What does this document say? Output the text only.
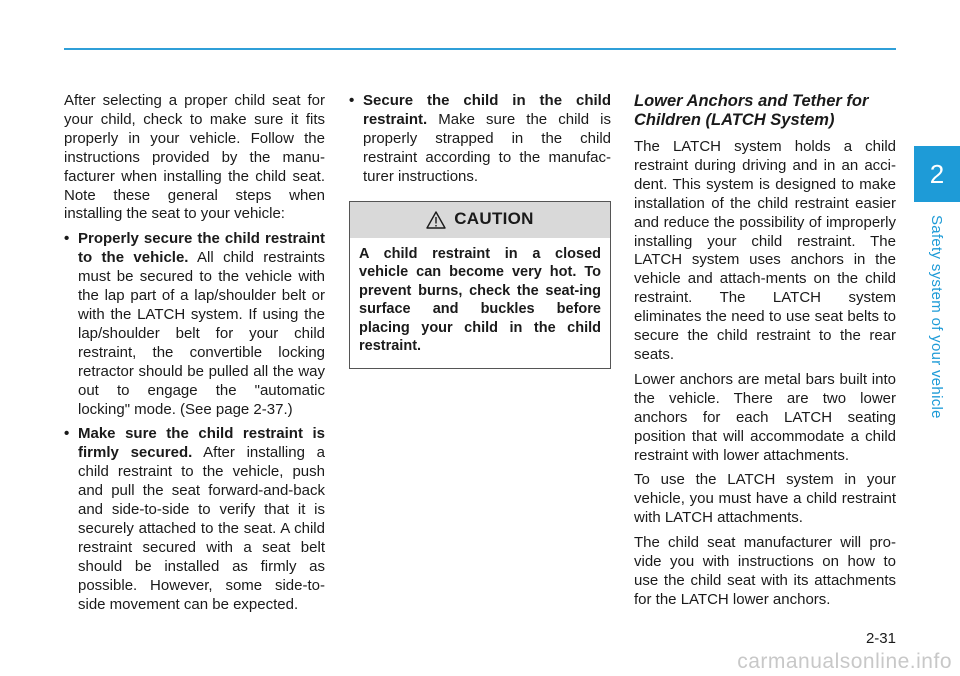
2
Safety system of your vehicle

After selecting a proper child seat for your child, check to make sure it fits properly in your vehicle. Follow the instructions provided by the manu-facturer when installing the child seat. Note these general steps when installing the seat to your vehicle:

• Properly secure the child restraint to the vehicle. All child restraints must be secured to the vehicle with the lap part of a lap/shoulder belt or with the LATCH system. If using the lap/shoulder belt for your child restraint, the convertible locking retractor should be pulled all the way out to engage the "automatic locking" mode. (See page 2-37.)
• Make sure the child restraint is firmly secured. After installing a child restraint to the vehicle, push and pull the seat forward-and-back and side-to-side to verify that it is securely attached to the seat. A child restraint secured with a seat belt should be installed as firmly as possible. However, some side-to-side movement can be expected.
• Secure the child in the child restraint. Make sure the child is properly strapped in the child restraint according to the manufac-turer instructions.
CAUTION
A child restraint in a closed vehicle can become very hot. To prevent burns, check the seat-ing surface and buckles before placing your child in the child restraint.
Lower Anchors and Tether for Children (LATCH System)

The LATCH system holds a child restraint during driving and in an acci-dent. This system is designed to make installation of the child restraint easier and reduce the possibility of improperly installing your child restraint. The LATCH system uses anchors in the vehicle and attach-ments on the child restraint. The LATCH system eliminates the need to use seat belts to secure the child restraint to the rear seats.

Lower anchors are metal bars built into the vehicle. There are two lower anchors for each LATCH seating position that will accommodate a child restraint with lower attachments.

To use the LATCH system in your vehicle, you must have a child restraint with LATCH attachments.

The child seat manufacturer will pro-vide you with instructions on how to use the child seat with its attachments for the LATCH lower anchors.

2-31
carmanualsonline.info
